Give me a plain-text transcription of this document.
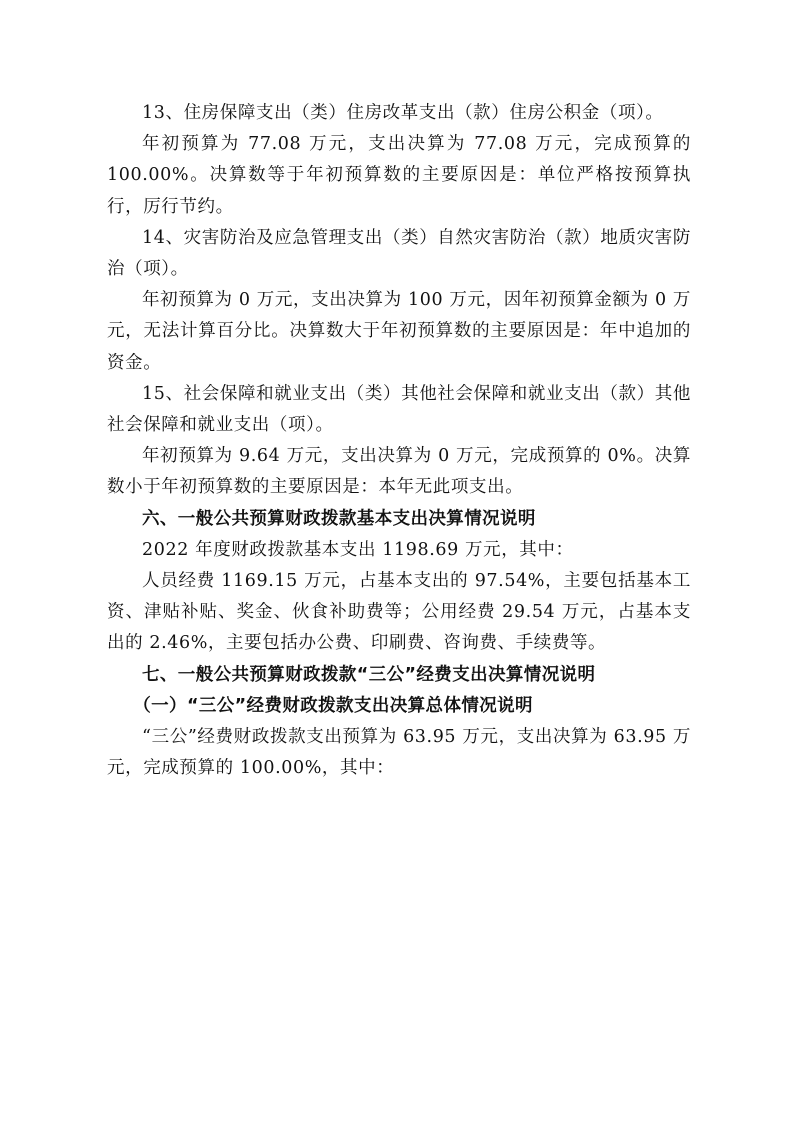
13、住房保障支出（类）住房改革支出（款）住房公积金（项）。

年初预算为 77.08 万元，支出决算为 77.08 万元，完成预算的 100.00%。决算数等于年初预算数的主要原因是：单位严格按预算执行，厉行节约。

14、灾害防治及应急管理支出（类）自然灾害防治（款）地质灾害防治（项）。

年初预算为 0 万元，支出决算为 100 万元，因年初预算金额为 0 万元，无法计算百分比。决算数大于年初预算数的主要原因是：年中追加的资金。

15、社会保障和就业支出（类）其他社会保障和就业支出（款）其他社会保障和就业支出（项）。

年初预算为 9.64 万元，支出决算为 0 万元，完成预算的 0%。决算数小于年初预算数的主要原因是：本年无此项支出。

六、一般公共预算财政拨款基本支出决算情况说明

2022 年度财政拨款基本支出 1198.69 万元，其中：

人员经费 1169.15 万元，占基本支出的 97.54%，主要包括基本工资、津贴补贴、奖金、伙食补助费等；公用经费 29.54 万元，占基本支出的 2.46%，主要包括办公费、印刷费、咨询费、手续费等。

七、一般公共预算财政拨款“三公”经费支出决算情况说明

（一）“三公”经费财政拨款支出决算总体情况说明

“三公”经费财政拨款支出预算为 63.95 万元，支出决算为 63.95 万元，完成预算的 100.00%，其中：
